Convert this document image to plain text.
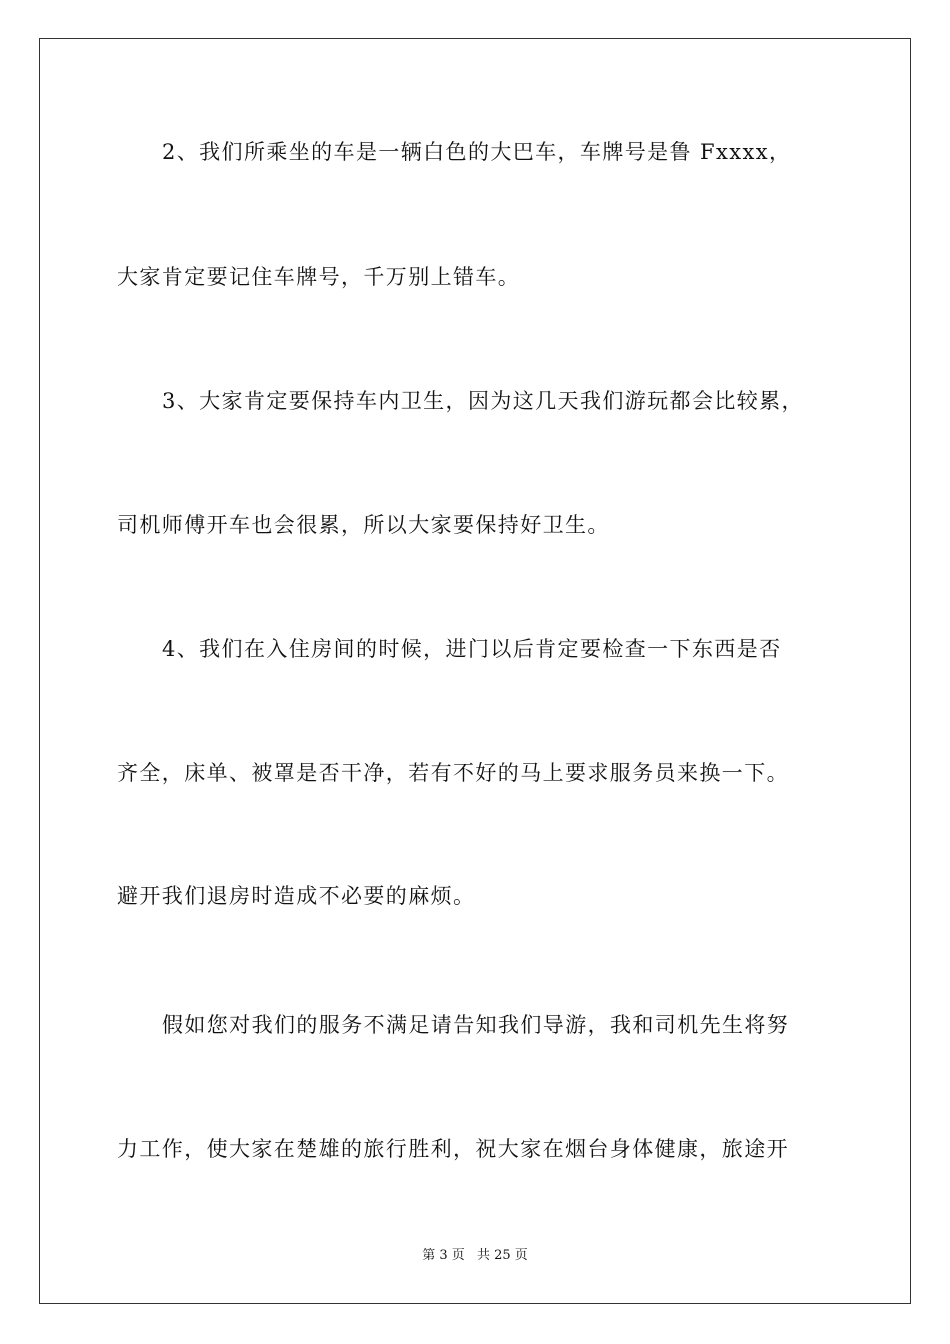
2、我们所乘坐的车是一辆白色的大巴车，车牌号是鲁 Fxxxx，
大家肯定要记住车牌号，千万别上错车。
3、大家肯定要保持车内卫生，因为这几天我们游玩都会比较累，
司机师傅开车也会很累，所以大家要保持好卫生。
4、我们在入住房间的时候，进门以后肯定要检查一下东西是否
齐全，床单、被罩是否干净，若有不好的马上要求服务员来换一下。
避开我们退房时造成不必要的麻烦。
假如您对我们的服务不满足请告知我们导游，我和司机先生将努
力工作，使大家在楚雄的旅行胜利，祝大家在烟台身体健康，旅途开
第 3 页 共 25 页
